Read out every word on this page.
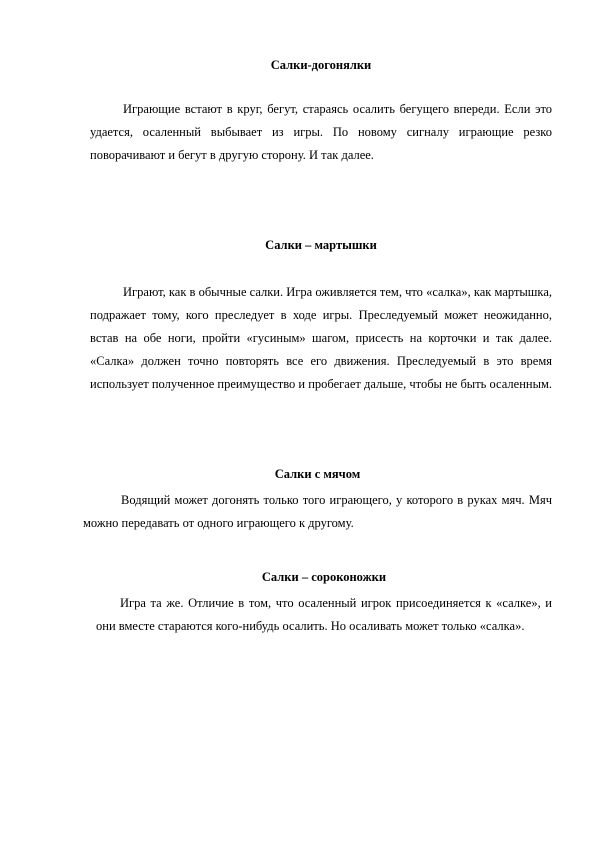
Салки-догонялки

Играющие встают в круг, бегут, стараясь осалить бегущего впереди. Если это удается, осаленный выбывает из игры. По новому сигналу играющие резко поворачивают и бегут в другую сторону. И так далее.

Салки – мартышки

Играют, как в обычные салки. Игра оживляется тем, что «салка», как мартышка, подражает тому, кого преследует в ходе игры. Преследуемый может неожиданно, встав на обе ноги, пройти «гусиным» шагом, присесть на корточки и так далее. «Салка» должен точно повторять все его движения. Преследуемый в это время использует полученное преимущество и пробегает дальше, чтобы не быть осаленным.

Салки с мячом

Водящий может догонять только того играющего, у которого в руках мяч. Мяч можно передавать от одного играющего к другому.

Салки – сороконожки

Игра та же. Отличие в том, что осаленный игрок присоединяется к «салке», и они вместе стараются кого-нибудь осалить. Но осаливать может только «салка».
